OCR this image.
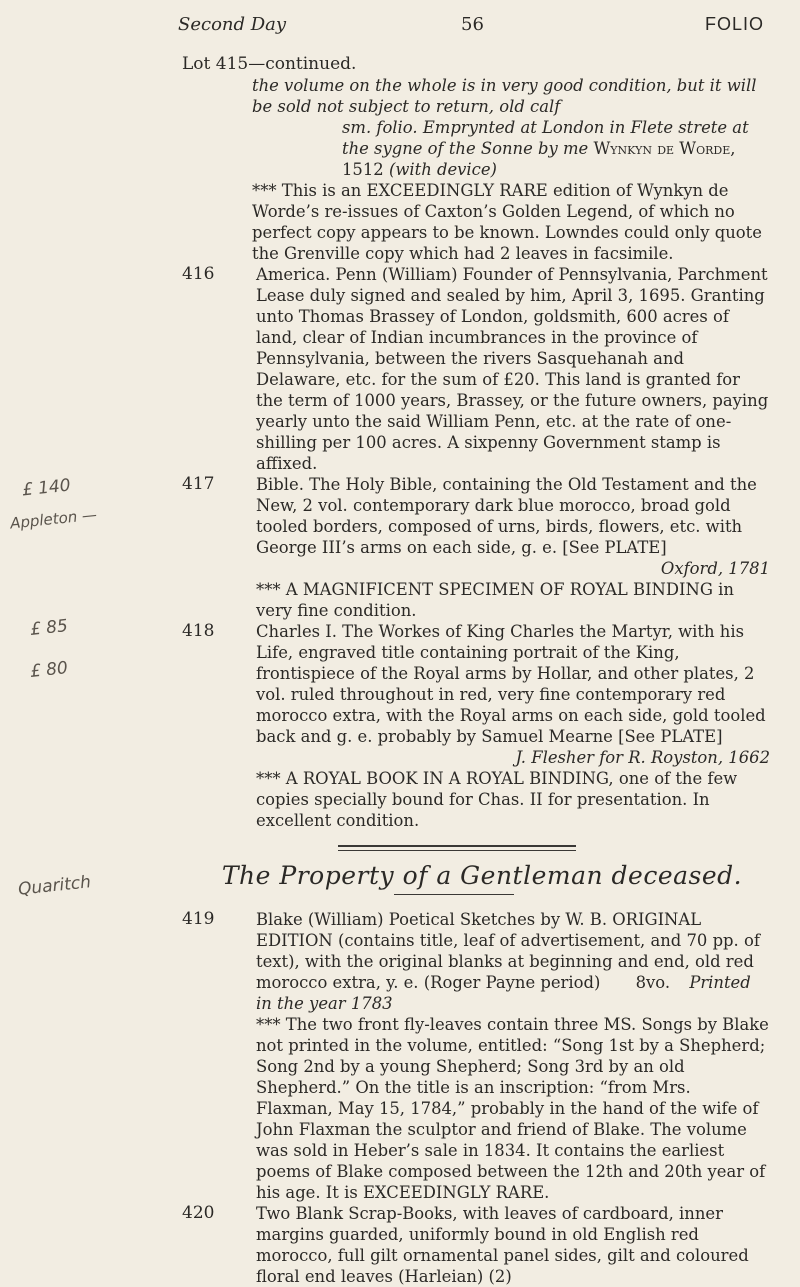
Second Day	56	FOLIO
£ 140
Appleton —
£ 85
£ 80
Quaritch
Lot 415—continued.
the volume on the whole is in very good condition, but it will be sold not subject to return, old calf
sm. folio. Emprynted at London in Flete strete at the sygne of the Sonne by me Wynkyn de Worde, 1512 (with device)
*** This is an EXCEEDINGLY RARE edition of Wynkyn de Worde’s re-issues of Caxton’s Golden Legend, of which no perfect copy appears to be known. Lowndes could only quote the Grenville copy which had 2 leaves in facsimile.
416	America. Penn (William) Founder of Pennsylvania, Parchment Lease duly signed and sealed by him, April 3, 1695. Granting unto Thomas Brassey of London, goldsmith, 600 acres of land, clear of Indian incumbrances in the province of Pennsylvania, between the rivers Sasquehanah and Delaware, etc. for the sum of £20. This land is granted for the term of 1000 years, Brassey, or the future owners, paying yearly unto the said William Penn, etc. at the rate of one-shilling per 100 acres. A sixpenny Government stamp is affixed.
417	Bible. The Holy Bible, containing the Old Testament and the New, 2 vol. contemporary dark blue morocco, broad gold tooled borders, composed of urns, birds, flowers, etc. with George III’s arms on each side, g. e. [See PLATE]
Oxford, 1781
*** A MAGNIFICENT SPECIMEN OF ROYAL BINDING in very fine condition.
418	Charles I. The Workes of King Charles the Martyr, with his Life, engraved title containing portrait of the King, frontispiece of the Royal arms by Hollar, and other plates, 2 vol. ruled throughout in red, very fine contemporary red morocco extra, with the Royal arms on each side, gold tooled back and g. e. probably by Samuel Mearne [See PLATE]
J. Flesher for R. Royston, 1662
*** A ROYAL BOOK IN A ROYAL BINDING, one of the few copies specially bound for Chas. II for presentation. In excellent condition.
The Property of a Gentleman deceased.
419	Blake (William) Poetical Sketches by W. B. ORIGINAL EDITION (contains title, leaf of advertisement, and 70 pp. of text), with the original blanks at beginning and end, old red morocco extra, y. e. (Roger Payne period) 8vo. Printed in the year 1783
*** The two front fly-leaves contain three MS. Songs by Blake not printed in the volume, entitled: “Song 1st by a Shepherd; Song 2nd by a young Shepherd; Song 3rd by an old Shepherd.” On the title is an inscription: “from Mrs. Flaxman, May 15, 1784,” probably in the hand of the wife of John Flaxman the sculptor and friend of Blake. The volume was sold in Heber’s sale in 1834. It contains the earliest poems of Blake composed between the 12th and 20th year of his age. It is EXCEEDINGLY RARE.
420	Two Blank Scrap-Books, with leaves of cardboard, inner margins guarded, uniformly bound in old English red morocco, full gilt ornamental panel sides, gilt and coloured floral end leaves (Harleian) (2)
